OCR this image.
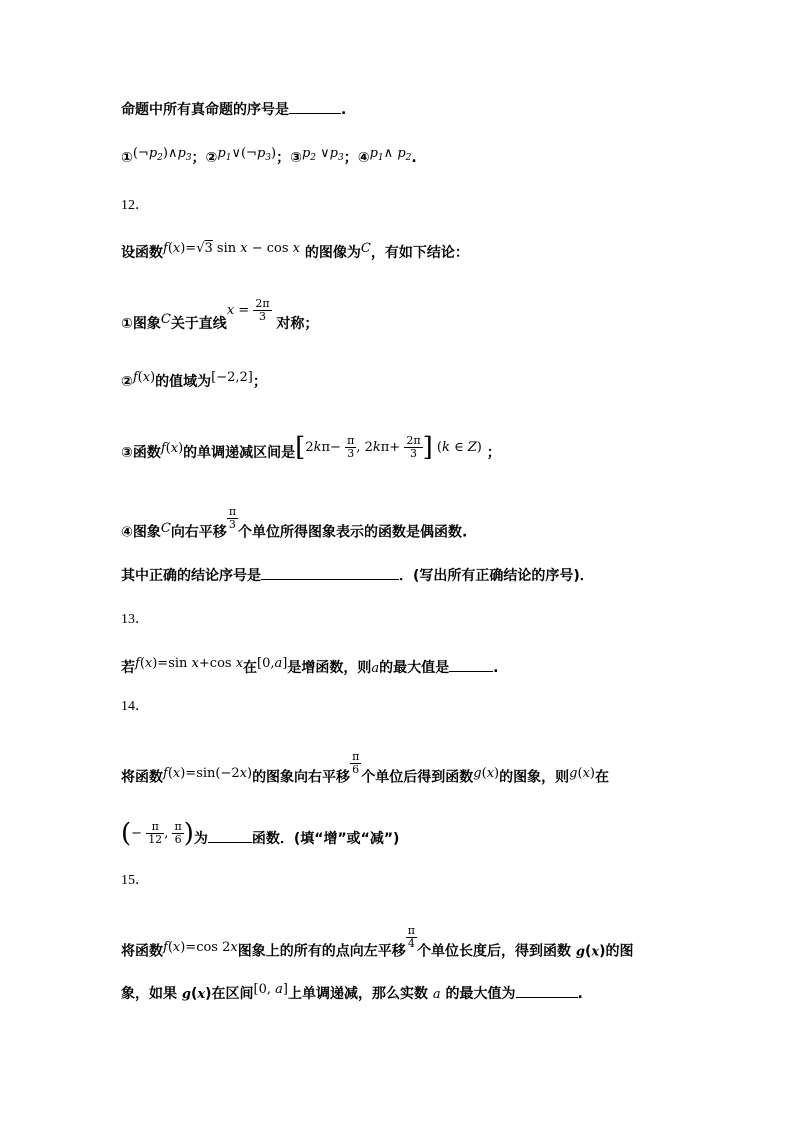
命题中所有真命题的序号是	.
$①(\neg p_2)\wedge p_3$；$②p_1\vee(\neg p_3)$；$③p_2$ $\vee p_3$；$④p_1\wedge$ $p_2$.
12．
设函数f(x)=√3 sin x − cos x 的图像为C，有如下结论：
①图象C关于直线$x = \frac{2\pi}{3}$
对称；
②f(x)的值域为[−2,2]；
③函数f(x)的单调递减区间是[$2k\pi- \frac{\pi}{3}$ , $2k\pi+ \frac{2\pi}{3}$ ] (k ∈ Z) ；
④图象C向右平移
$\frac{\pi}{3}$
个单位所得图象表示的函数是偶函数.
其中正确的结论序号是	．(写出所有正确结论的序号)．
13．
若f(x)=sin x+cos x在[0,a]是增函数，则a的最大值是	.
14．
将函数f(x)=sin(−2x)的图象向右平移
$\frac{\pi}{6}$
个单位后得到函数g(x)的图象，则g(x)在
(− $\frac{\pi}{12}$ , $\frac{\pi}{6}$ )为	函数．(填“增”或“减”)
15．
将函数f(x)=cos 2x图象上的所有的点向左平移
$\frac{\pi}{4}$
个单位长度后，得到函数 g(x)的图
象，如果 g(x)在区间[0, a]上单调递减，那么实数 a 的最大值为	.
